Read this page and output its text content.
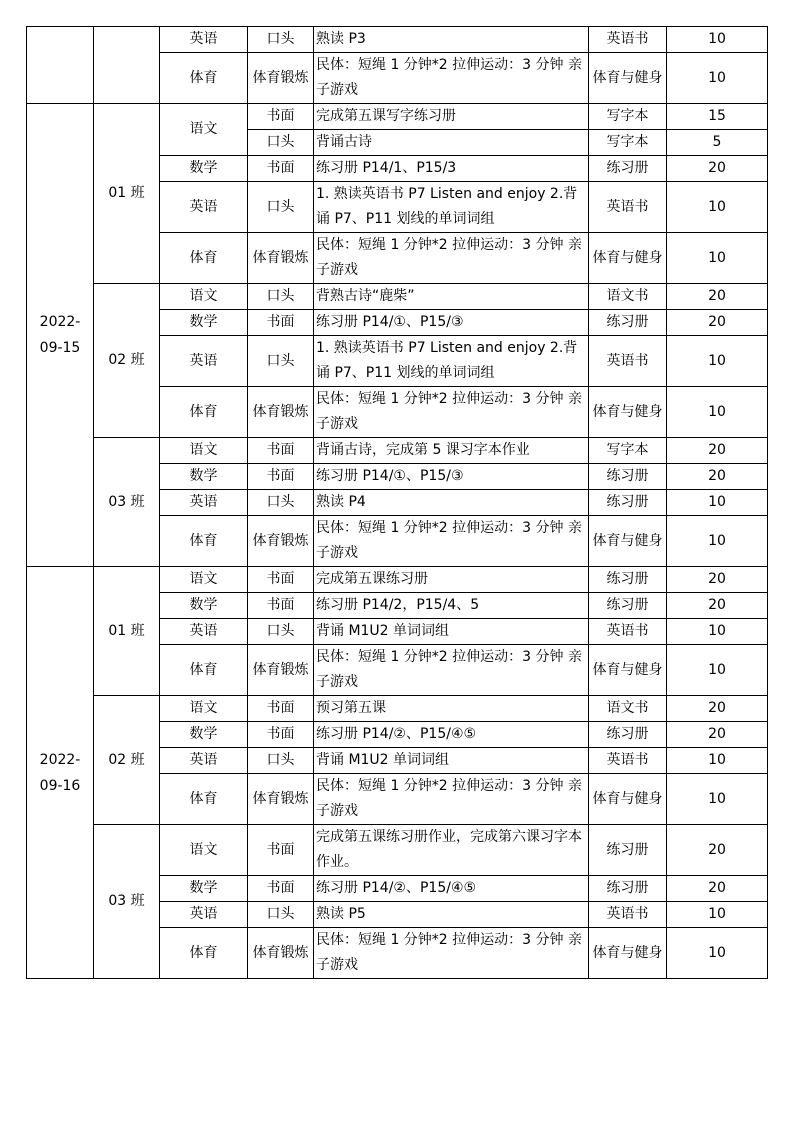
		英语	口头	熟读 P3	英语书	10
		体育	体育锻炼	民体：短绳 1 分钟*2 拉伸运动：3 分钟 亲子游戏	体育与健身	10
2022-09-15	01 班	语文	书面	完成第五课写字练习册	写字本	15
			口头	背诵古诗	写字本	5
		数学	书面	练习册 P14/1、P15/3	练习册	20
		英语	口头	1. 熟读英语书 P7 Listen and enjoy 2.背诵 P7、P11 划线的单词词组	英语书	10
		体育	体育锻炼	民体：短绳 1 分钟*2 拉伸运动：3 分钟 亲子游戏	体育与健身	10
	02 班	语文	口头	背熟古诗“鹿柴”	语文书	20
		数学	书面	练习册 P14/①、P15/③	练习册	20
		英语	口头	1. 熟读英语书 P7 Listen and enjoy 2.背诵 P7、P11 划线的单词词组	英语书	10
		体育	体育锻炼	民体：短绳 1 分钟*2 拉伸运动：3 分钟 亲子游戏	体育与健身	10
	03 班	语文	书面	背诵古诗，完成第 5 课习字本作业	写字本	20
		数学	书面	练习册 P14/①、P15/③	练习册	20
		英语	口头	熟读 P4	练习册	10
		体育	体育锻炼	民体：短绳 1 分钟*2 拉伸运动：3 分钟 亲子游戏	体育与健身	10
2022-09-16	01 班	语文	书面	完成第五课练习册	练习册	20
		数学	书面	练习册 P14/2，P15/4、5	练习册	20
		英语	口头	背诵 M1U2 单词词组	英语书	10
		体育	体育锻炼	民体：短绳 1 分钟*2 拉伸运动：3 分钟 亲子游戏	体育与健身	10
	02 班	语文	书面	预习第五课	语文书	20
		数学	书面	练习册 P14/②、P15/④⑤	练习册	20
		英语	口头	背诵 M1U2 单词词组	英语书	10
		体育	体育锻炼	民体：短绳 1 分钟*2 拉伸运动：3 分钟 亲子游戏	体育与健身	10
	03 班	语文	书面	完成第五课练习册作业，完成第六课习字本作业。	练习册	20
		数学	书面	练习册 P14/②、P15/④⑤	练习册	20
		英语	口头	熟读 P5	英语书	10
		体育	体育锻炼	民体：短绳 1 分钟*2 拉伸运动：3 分钟 亲子游戏	体育与健身	10
